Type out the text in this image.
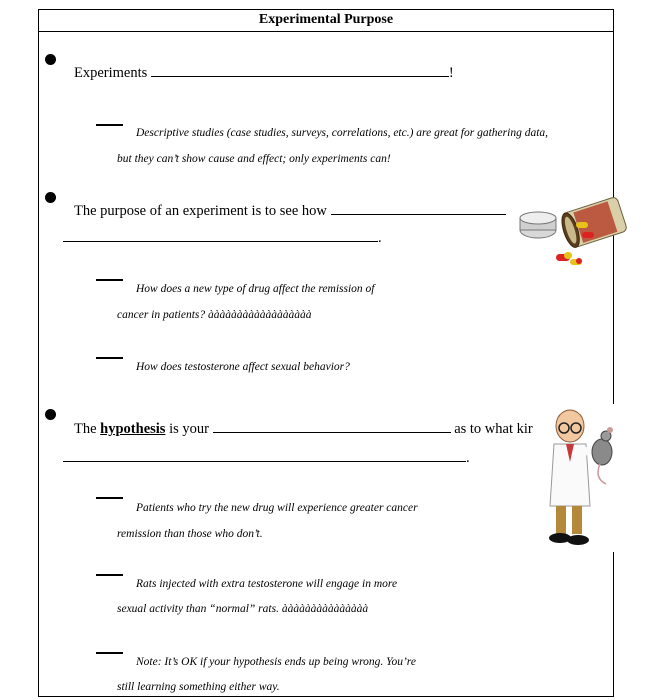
Experimental Purpose
Experiments	!
Descriptive studies (case studies, surveys, correlations, etc.) are great for gathering data,
but they can’t show cause and effect; only experiments can!
The purpose of an experiment is to see how
.
How does a new type of drug affect the remission of
cancer in patients? àààààààààààààààààà
How does testosterone affect sexual behavior?
The hypothesis is your	as to what kir
.
Patients who try the new drug will experience greater cancer
remission than those who don’t.
Rats injected with extra testosterone will engage in more
sexual activity than “normal” rats. ààààààààààààààà
Note: It’s OK if your hypothesis ends up being wrong. You’re
still learning something either way.
